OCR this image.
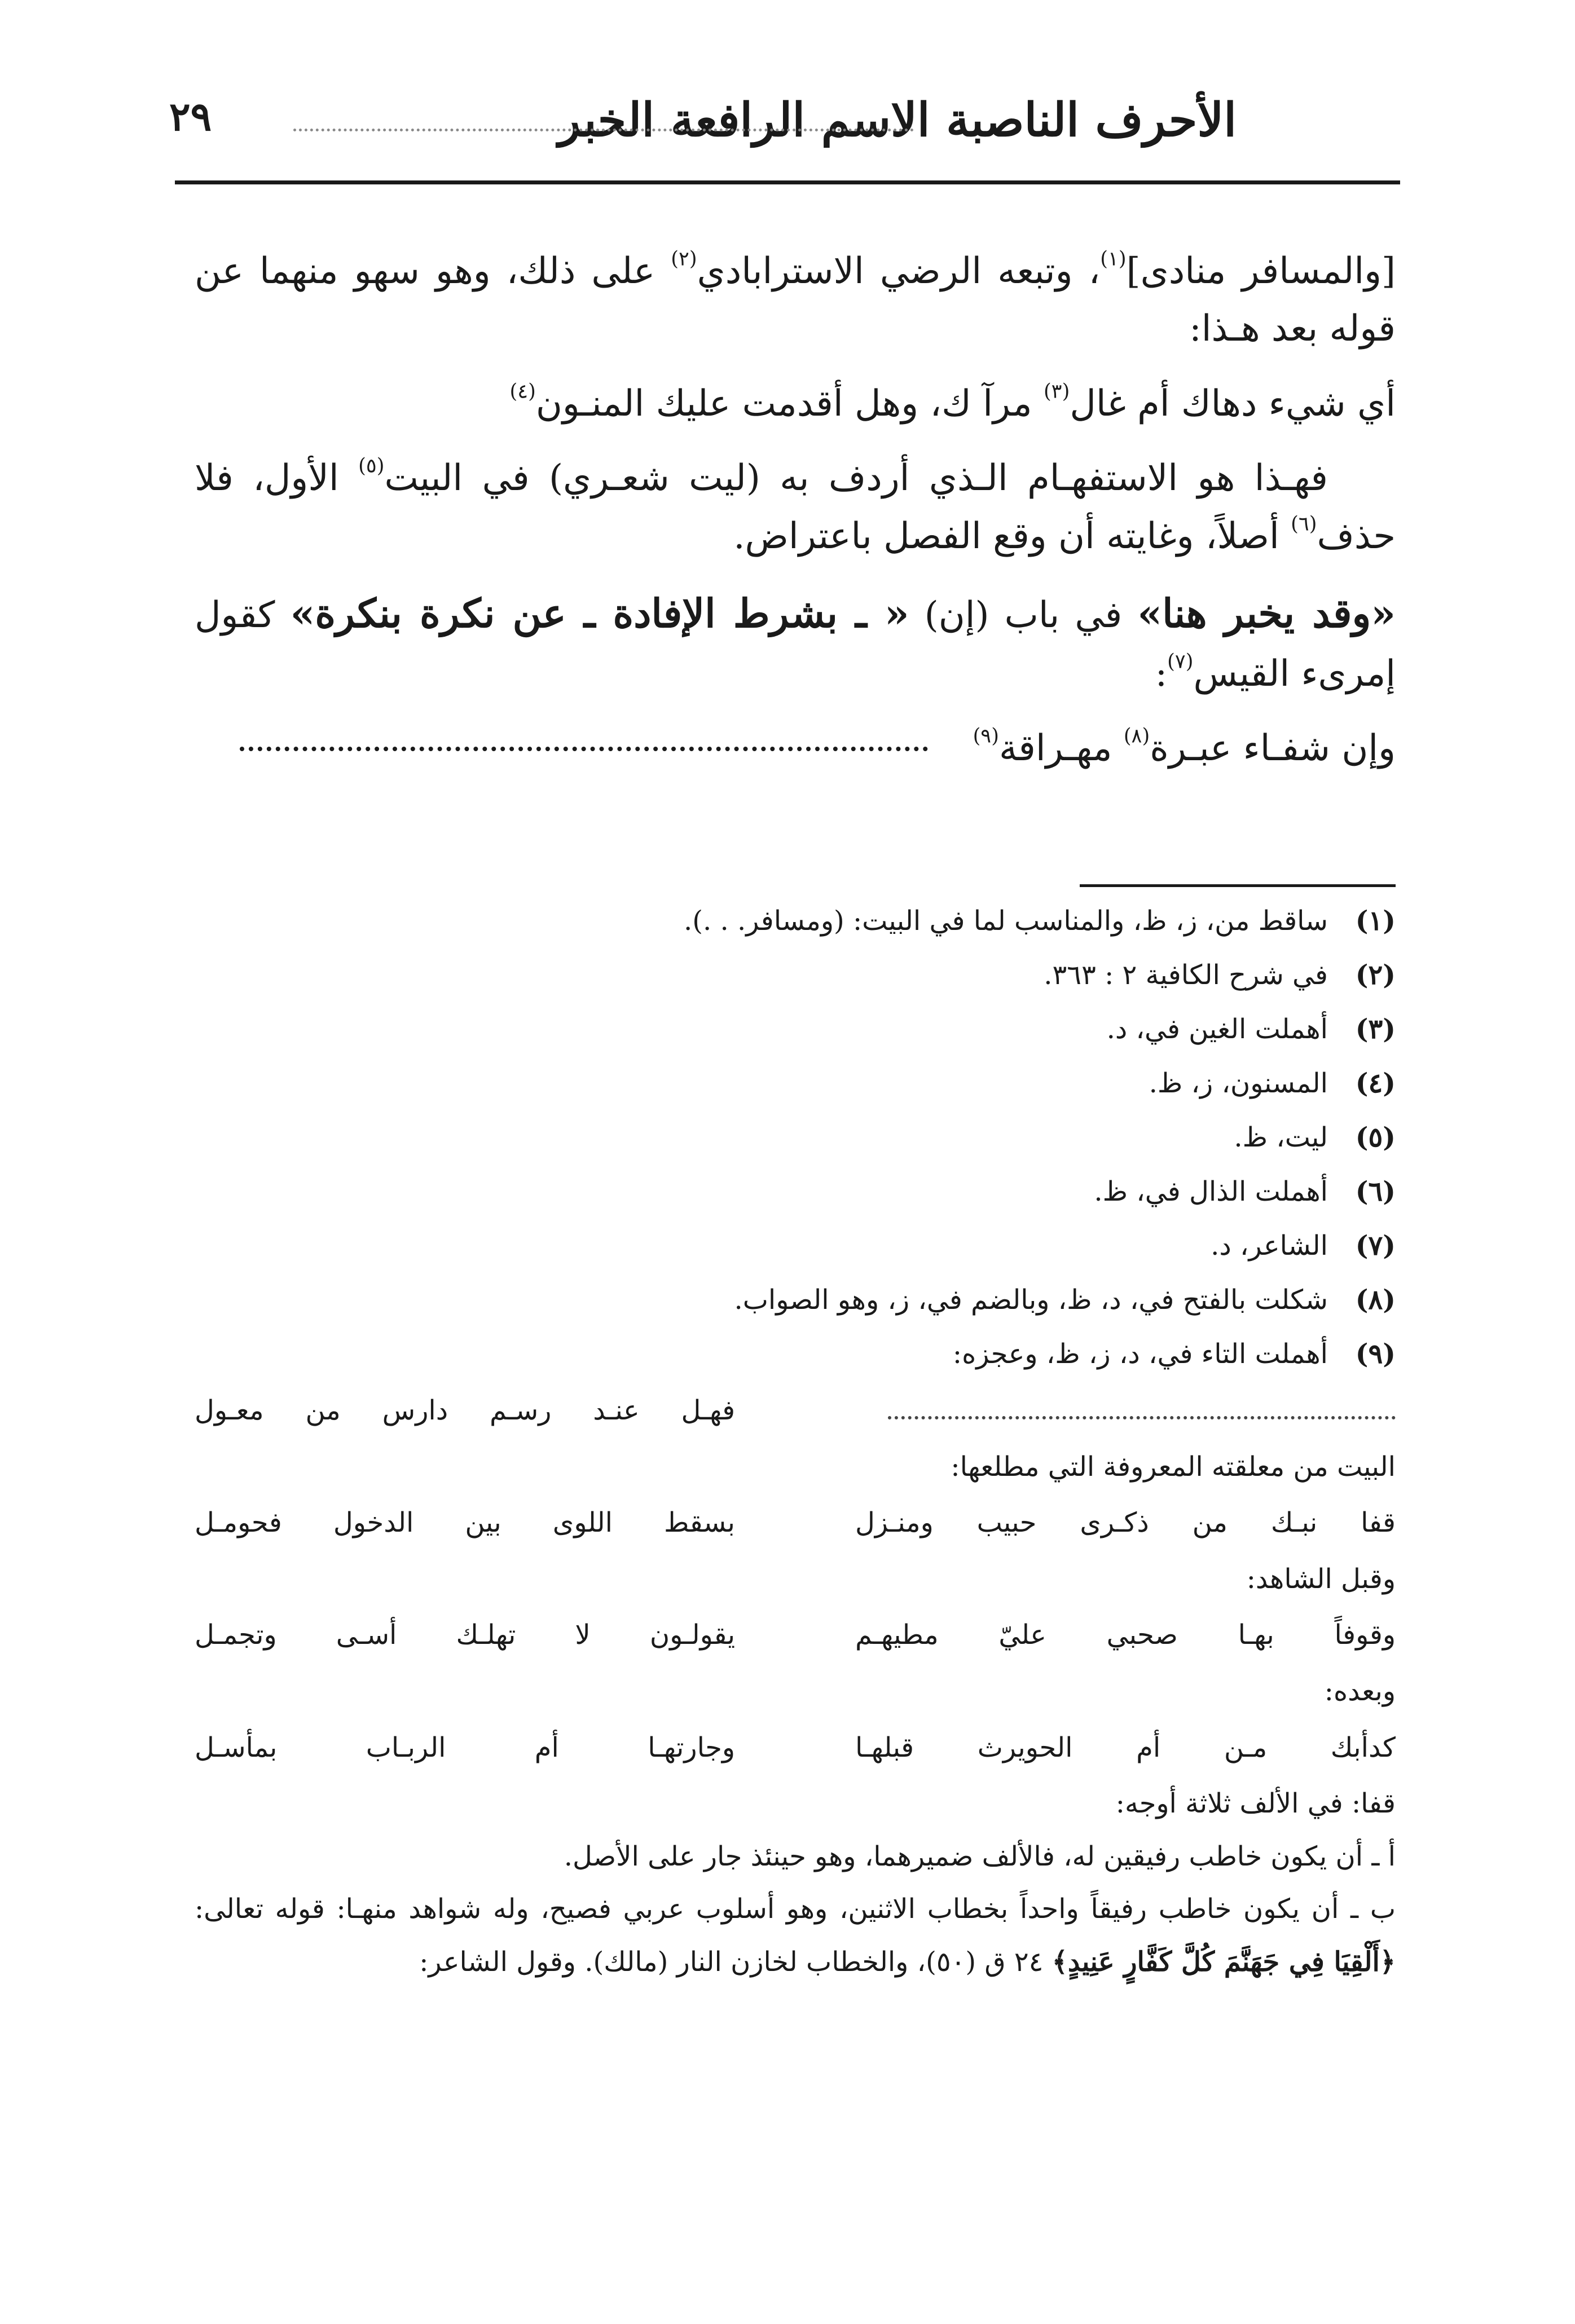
٢٩	الأحرف الناصبة الاسم الرافعة الخبر

[والمسافر منادى]$^{(١)}$، وتبعه الرضي الاسترابادي$^{(٢)}$ على ذلك، وهو سهو منهما عن قوله بعد هـذا:

أي شيء دهاك أم غال$^{(٣)}$ مرآ ك، وهل أقدمت عليك المنـون$^{(٤)}$

فهـذا هو الاستفهـام الـذي أردف به (ليت شعـري) في البيت$^{(٥)}$ الأول، فلا حذف$^{(٦)}$ أصلاً، وغايته أن وقع الفصل باعتراض.

«وقد يخبر هنا» في باب (إن) « ـ بشرط الإفادة ـ عن نكرة بنكرة» كقول إمرىء القيس$^{(٧)}$:

وإن شفـاء عبـرة$^{(٨)}$ مهـراقة$^{(٩)}$
(١)
ساقط من، ز، ظ، والمناسب لما في البيت: (ومسافر. . .).
(٢)
في شرح الكافية ٢ : ٣٦٣.
(٣)
أهملت الغين في، د.
(٤)
المسنون، ز، ظ.
(٥)
ليت، ظ.
(٦)
أهملت الذال في، ظ.
(٧)
الشاعر، د.
(٨)
شكلت بالفتح في، د، ظ، وبالضم في، ز، وهو الصواب.
(٩)
أهملت التاء في، د، ز، ظ، وعجزه:
فهـل عنـد رسـم دارس من معـول

البيت من معلقته المعروفة التي مطلعها:

قفا نبـك من ذكـرى حبيب ومنـزل
بسقط اللوى بين الدخول فحومـل

وقبل الشاهد:

وقوفاً بهـا صحبي عليّ مطيهـم
يقولـون لا تهلـك أسـى وتجمـل

وبعده:

كدأبك مـن أم الحويرث قبلهـا
وجارتهـا أم الربـاب بمأسـل

قفا: في الألف ثلاثة أوجه:

أ ـ أن يكون خاطب رفيقين له، فالألف ضميرهما، وهو حينئذ جار على الأصل.

ب ـ أن يكون خاطب رفيقاً واحداً بخطاب الاثنين، وهو أسلوب عربي فصيح، وله شواهد منهـا: قوله تعالى: ﴿أَلْقِيَا فِي جَهَنَّمَ كُلَّ كَفَّارٍ عَنِيدٍ﴾ ٢٤ ق (٥٠)، والخطاب لخازن النار (مالك). وقول الشاعر:
